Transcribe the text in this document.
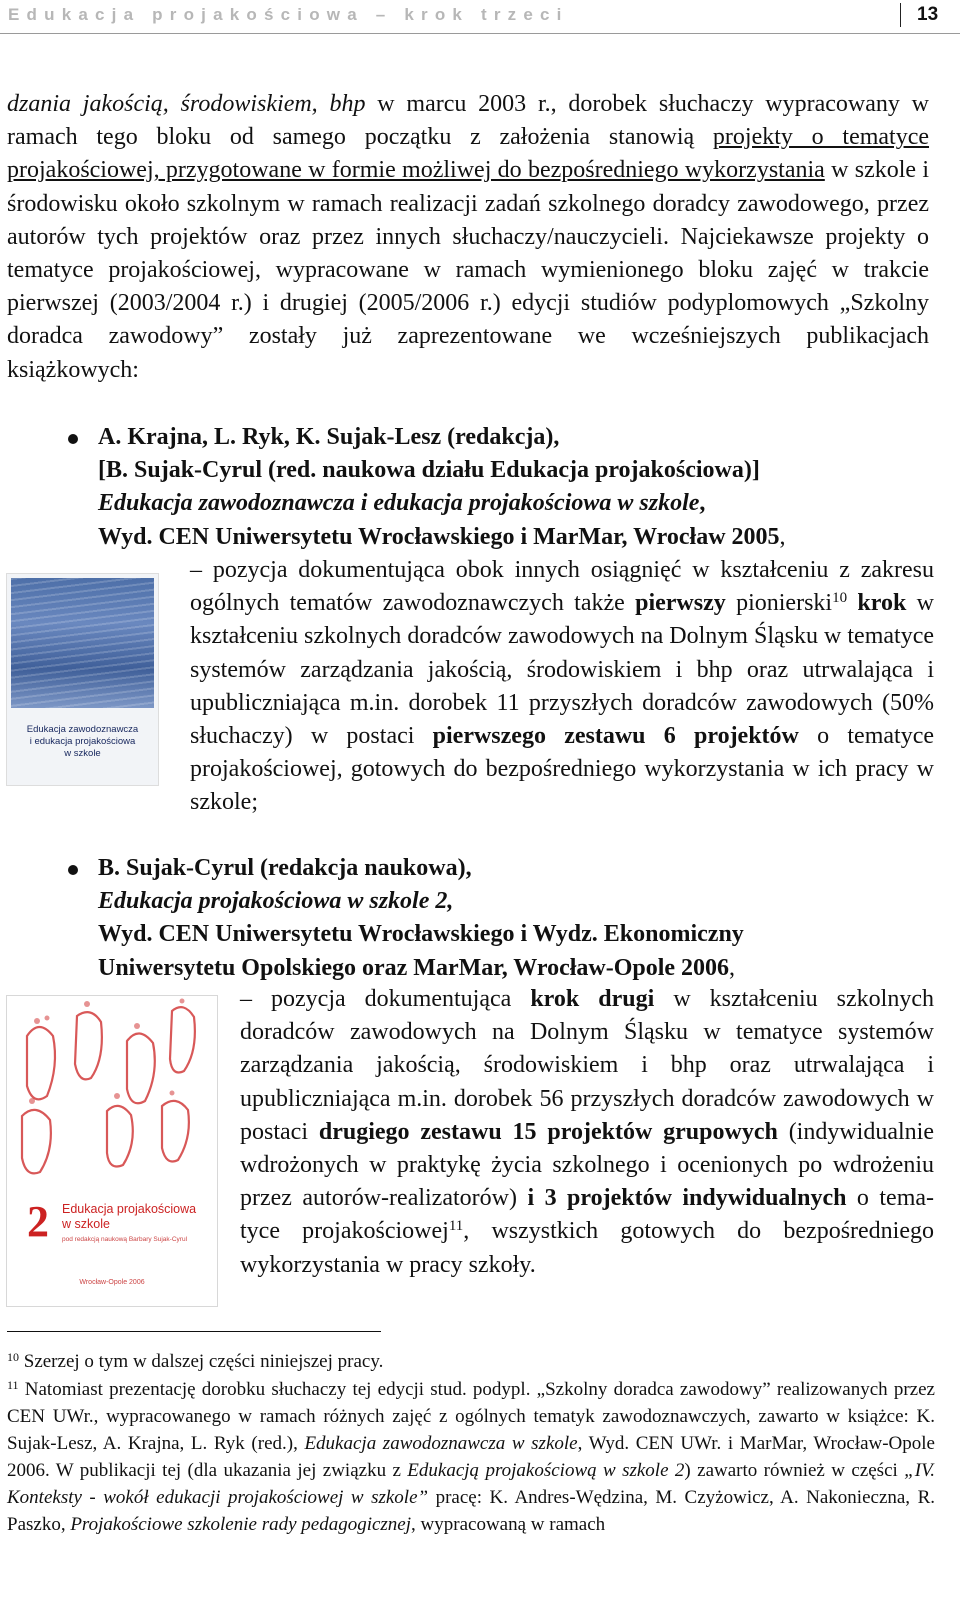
Edukacja projakościowa – krok trzeci	13
dzania jakością, środowiskiem, bhp w marcu 2003 r., dorobek słuchaczy wypracowany w ramach tego bloku od samego początku z założenia stanowią projekty o tematyce projakościowej, przygotowane w formie możliwej do bezpośredniego wykorzystania w szkole i środowisku około szkolnym w ramach realizacji zadań szkolnego doradcy zawodowego, przez autorów tych projektów oraz przez innych słuchaczy/nauczycieli. Najciekawsze projekty o tematyce projakościowej, wypracowane w ramach wymienionego bloku zajęć w trakcie pierwszej (2003/2004 r.) i drugiej (2005/2006 r.) edycji studiów podyplomowych „Szkolny doradca zawodowy” zostały już zaprezentowane we wcześniejszych publikacjach książkowych:
A. Krajna, L. Ryk, K. Sujak-Lesz (redakcja),
[B. Sujak-Cyrul (red. naukowa działu Edukacja projakościowa)]
Edukacja zawodoznawcza i edukacja projakościowa w szkole,
Wyd. CEN Uniwersytetu Wrocławskiego i MarMar, Wrocław 2005,
Edukacja zawodoznawcza
i edukacja projakościowa
w szkole
– pozycja dokumentująca obok innych osiągnięć w kształceniu z zakresu ogólnych tematów zawodoznawczych także pierwszy pionierski$^{10}$ krok w kształceniu szkolnych doradców zawodowych na Dolnym Śląsku w tematyce systemów zarządzania jakością, środowiskiem i bhp oraz utrwalająca i upubliczniająca m.in. dorobek 11 przyszłych doradców zawodowych (50% słuchaczy) w postaci pierwszego zestawu 6 projektów o tematyce projakościowej, gotowych do bezpośredniego wykorzystania w ich pracy w szkole;
B. Sujak-Cyrul (redakcja naukowa),
Edukacja projakościowa w szkole 2,
Wyd. CEN Uniwersytetu Wrocławskiego i Wydz. Ekonomiczny
Uniwersytetu Opolskiego oraz MarMar, Wrocław-Opole 2006,
2 Edukacja projakościowa
w szkole
pod redakcją naukową Barbary Sujak-Cyrul
Wrocław-Opole 2006
– pozycja dokumentująca krok drugi w kształceniu szkolnych doradców zawodowych na Dolnym Śląsku w tematyce systemów zarządzania jakością, środowiskiem i bhp oraz utrwalająca i upubliczniająca m.in. dorobek 56 przyszłych doradców zawodowych w postaci drugiego zestawu 15 projektów grupowych (indywidualnie wdrożonych w praktykę życia szkolnego i ocenionych po wdrożeniu przez autorów-realizatorów) i 3 projektów indywidualnych o tematyce projakościowej$^{11}$, wszystkich gotowych do bezpośredniego wykorzystania w pracy szkoły.
$^{10}$ Szerzej o tym w dalszej części niniejszej pracy.
$^{11}$ Natomiast prezentację dorobku słuchaczy tej edycji stud. podypl. „Szkolny doradca zawodowy” realizowanych przez CEN UWr., wypracowanego w ramach różnych zajęć z ogólnych tematyk zawodoznawczych, zawarto w książce: K. Sujak-Lesz, A. Krajna, L. Ryk (red.), Edukacja zawodoznawcza w szkole, Wyd. CEN UWr. i MarMar, Wrocław-Opole 2006. W publikacji tej (dla ukazania jej związku z Edukacją projakościową w szkole 2) zawarto również w części „IV. Konteksty - wokół edukacji projakościowej w szkole” pracę: K. Andres-Wędzina, M. Czyżowicz, A. Nakonieczna, R. Paszko, Projakościowe szkolenie rady pedagogicznej, wypracowaną w ramach
